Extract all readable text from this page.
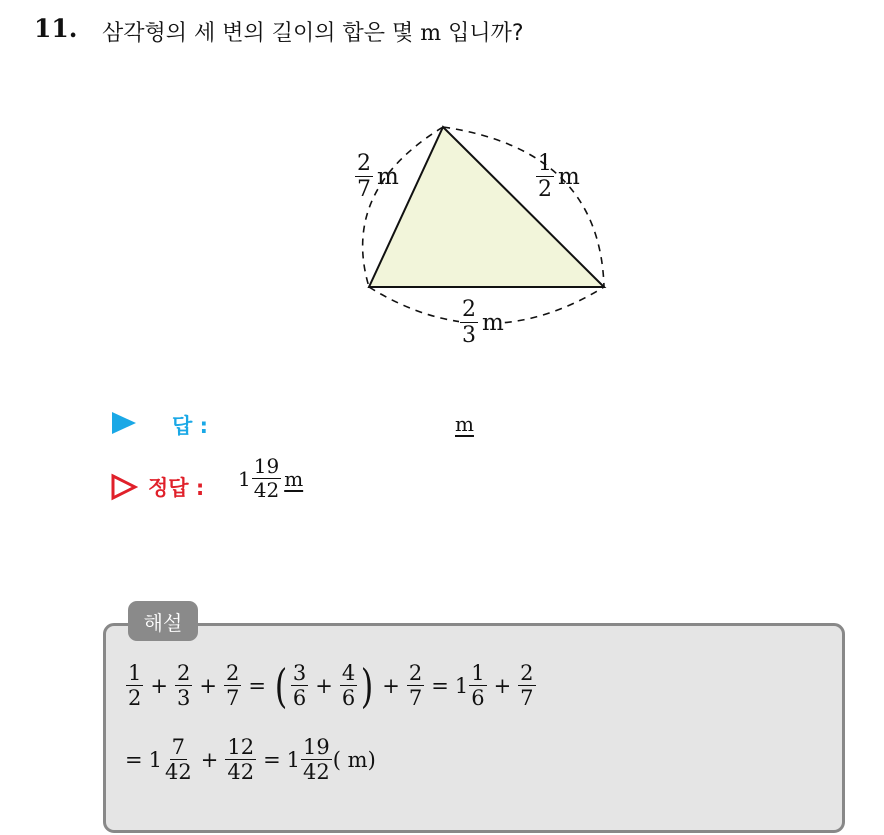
11. 삼각형의 세 변의 길이의 합은 몇 m 입니까?
$\frac{2}{7}$ m	$\frac{1}{2}$ m
$\frac{2}{3}$ m
답 :	m
정답 : $1 \frac{19}{42}$ m
해설
$\frac{1}{2} + \frac{2}{3} + \frac{2}{7}$ = ( $\frac{3}{6} + \frac{4}{6}$ ) + $\frac{2}{7} = 1 \frac{1}{6} + \frac{2}{7}$
= $1 \frac{7}{42} + \frac{12}{42} = 1 \frac{19}{42}$ ( m)
